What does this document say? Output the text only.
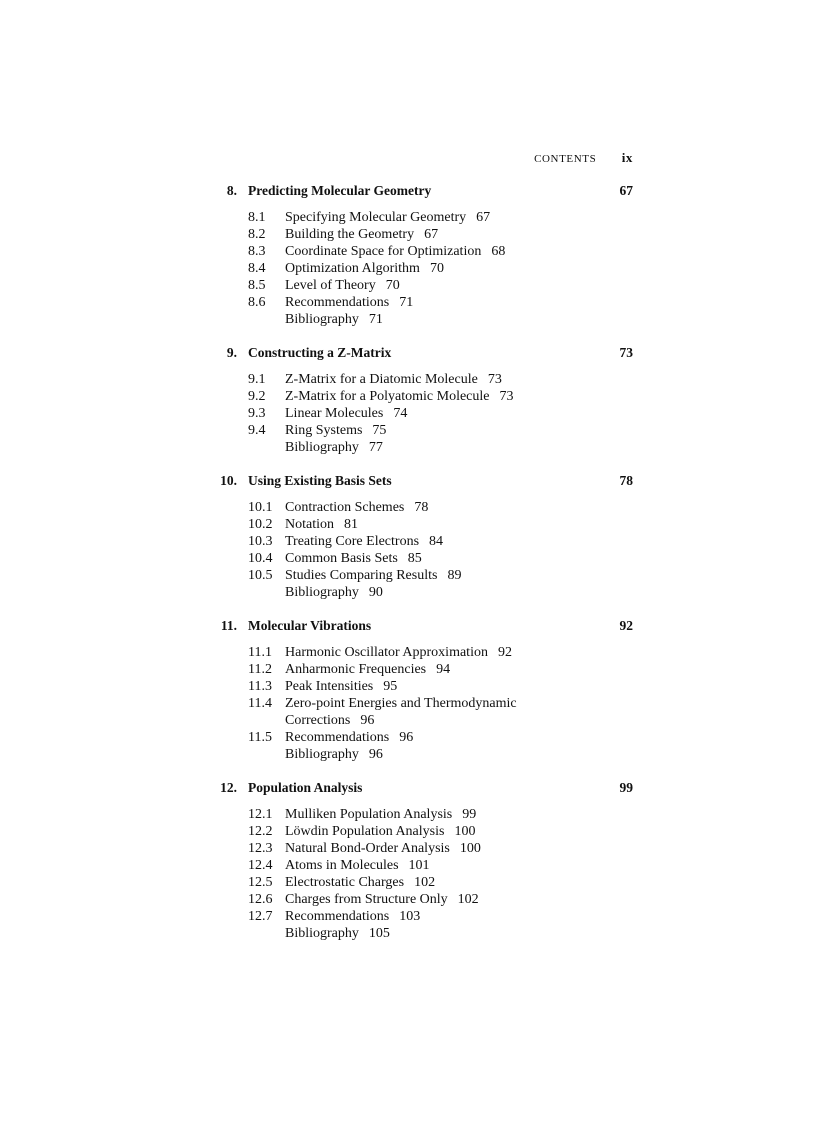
CONTENTS ix
8. Predicting Molecular Geometry	67
8.1 Specifying Molecular Geometry 67
8.2 Building the Geometry 67
8.3 Coordinate Space for Optimization 68
8.4 Optimization Algorithm 70
8.5 Level of Theory 70
8.6 Recommendations 71
Bibliography 71
9. Constructing a Z-Matrix	73
9.1 Z-Matrix for a Diatomic Molecule 73
9.2 Z-Matrix for a Polyatomic Molecule 73
9.3 Linear Molecules 74
9.4 Ring Systems 75
Bibliography 77
10. Using Existing Basis Sets	78
10.1 Contraction Schemes 78
10.2 Notation 81
10.3 Treating Core Electrons 84
10.4 Common Basis Sets 85
10.5 Studies Comparing Results 89
Bibliography 90
11. Molecular Vibrations	92
11.1 Harmonic Oscillator Approximation 92
11.2 Anharmonic Frequencies 94
11.3 Peak Intensities 95
11.4 Zero-point Energies and Thermodynamic
Corrections 96
11.5 Recommendations 96
Bibliography 96
12. Population Analysis	99
12.1 Mulliken Population Analysis 99
12.2 Löwdin Population Analysis 100
12.3 Natural Bond-Order Analysis 100
12.4 Atoms in Molecules 101
12.5 Electrostatic Charges 102
12.6 Charges from Structure Only 102
12.7 Recommendations 103
Bibliography 105
